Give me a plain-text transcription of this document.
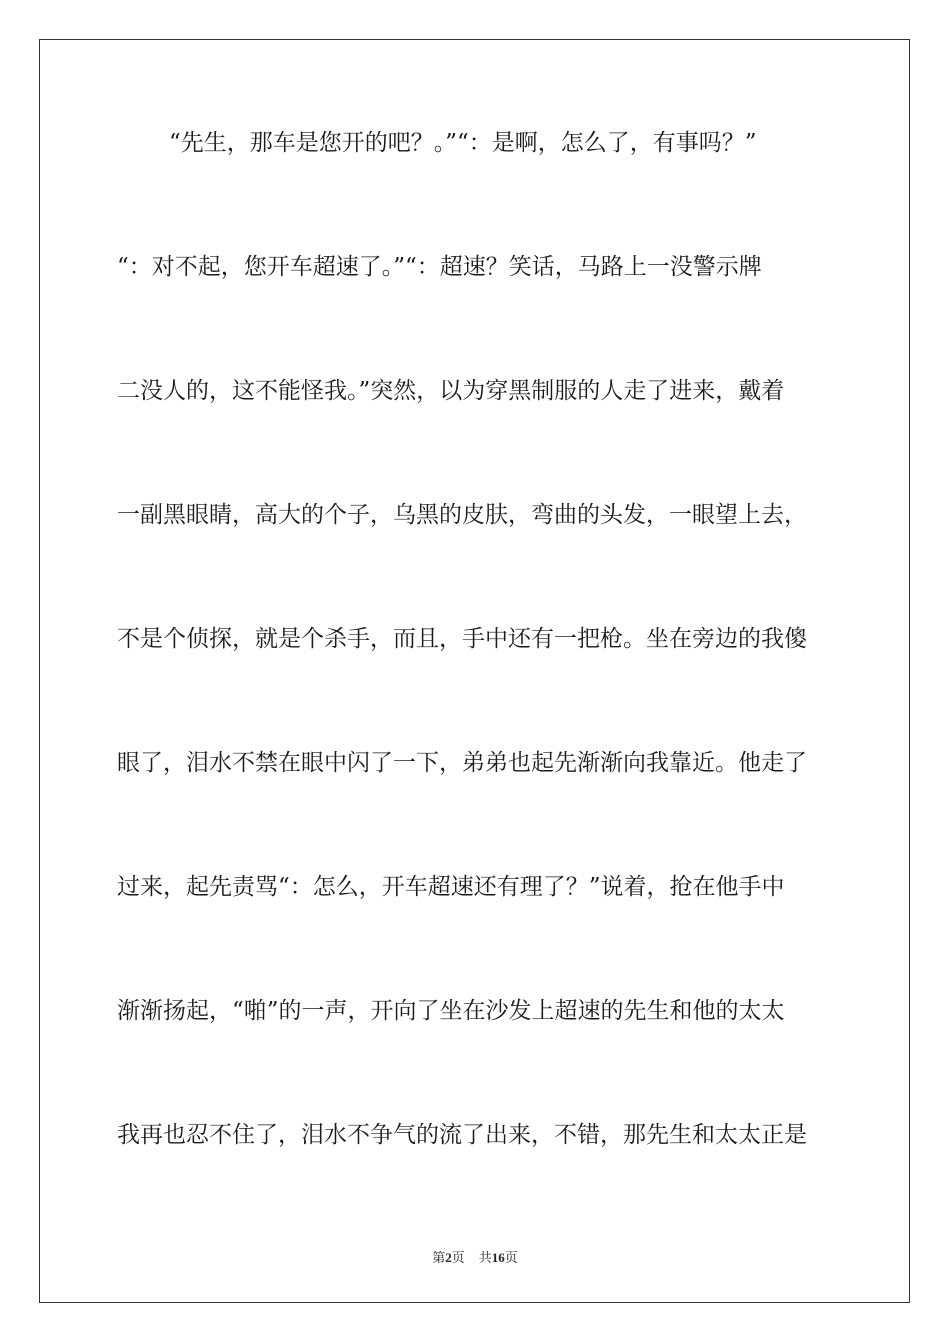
“先生，那车是您开的吧？。”“：是啊，怎么了，有事吗？”
“：对不起，您开车超速了。”“：超速？笑话，马路上一没警示牌
二没人的，这不能怪我。”突然，以为穿黑制服的人走了进来，戴着
一副黑眼睛，高大的个子，乌黑的皮肤，弯曲的头发，一眼望上去，
不是个侦探，就是个杀手，而且，手中还有一把枪。坐在旁边的我傻
眼了，泪水不禁在眼中闪了一下，弟弟也起先渐渐向我靠近。他走了
过来，起先责骂“：怎么，开车超速还有理了？”说着，抢在他手中
渐渐扬起，“啪”的一声，开向了坐在沙发上超速的先生和他的太太
我再也忍不住了，泪水不争气的流了出来，不错，那先生和太太正是
第2页 共16页
